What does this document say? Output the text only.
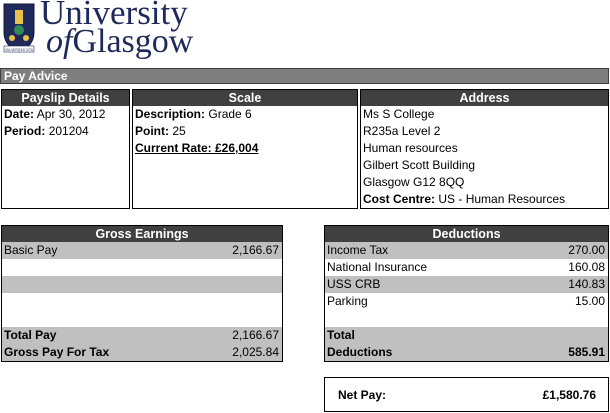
VIA VERITAS VITA
University
ofGlasgow
Pay Advice
Payslip Details
Date: Apr 30, 2012
Period: 201204
Scale
Description: Grade 6
Point: 25
Current Rate: £26,004
Address
Ms S College
R235a Level 2
Human resources
Gilbert Scott Building
Glasgow G12 8QQ
Cost Centre: US - Human Resources
Gross Earnings
Basic Pay	2,166.67
Total Pay	2,166.67
Gross Pay For Tax	2,025.84
Deductions
Income Tax	270.00
National Insurance	160.08
USS CRB	140.83
Parking	15.00
Total
Deductions	585.91
Net Pay:	£1,580.76
